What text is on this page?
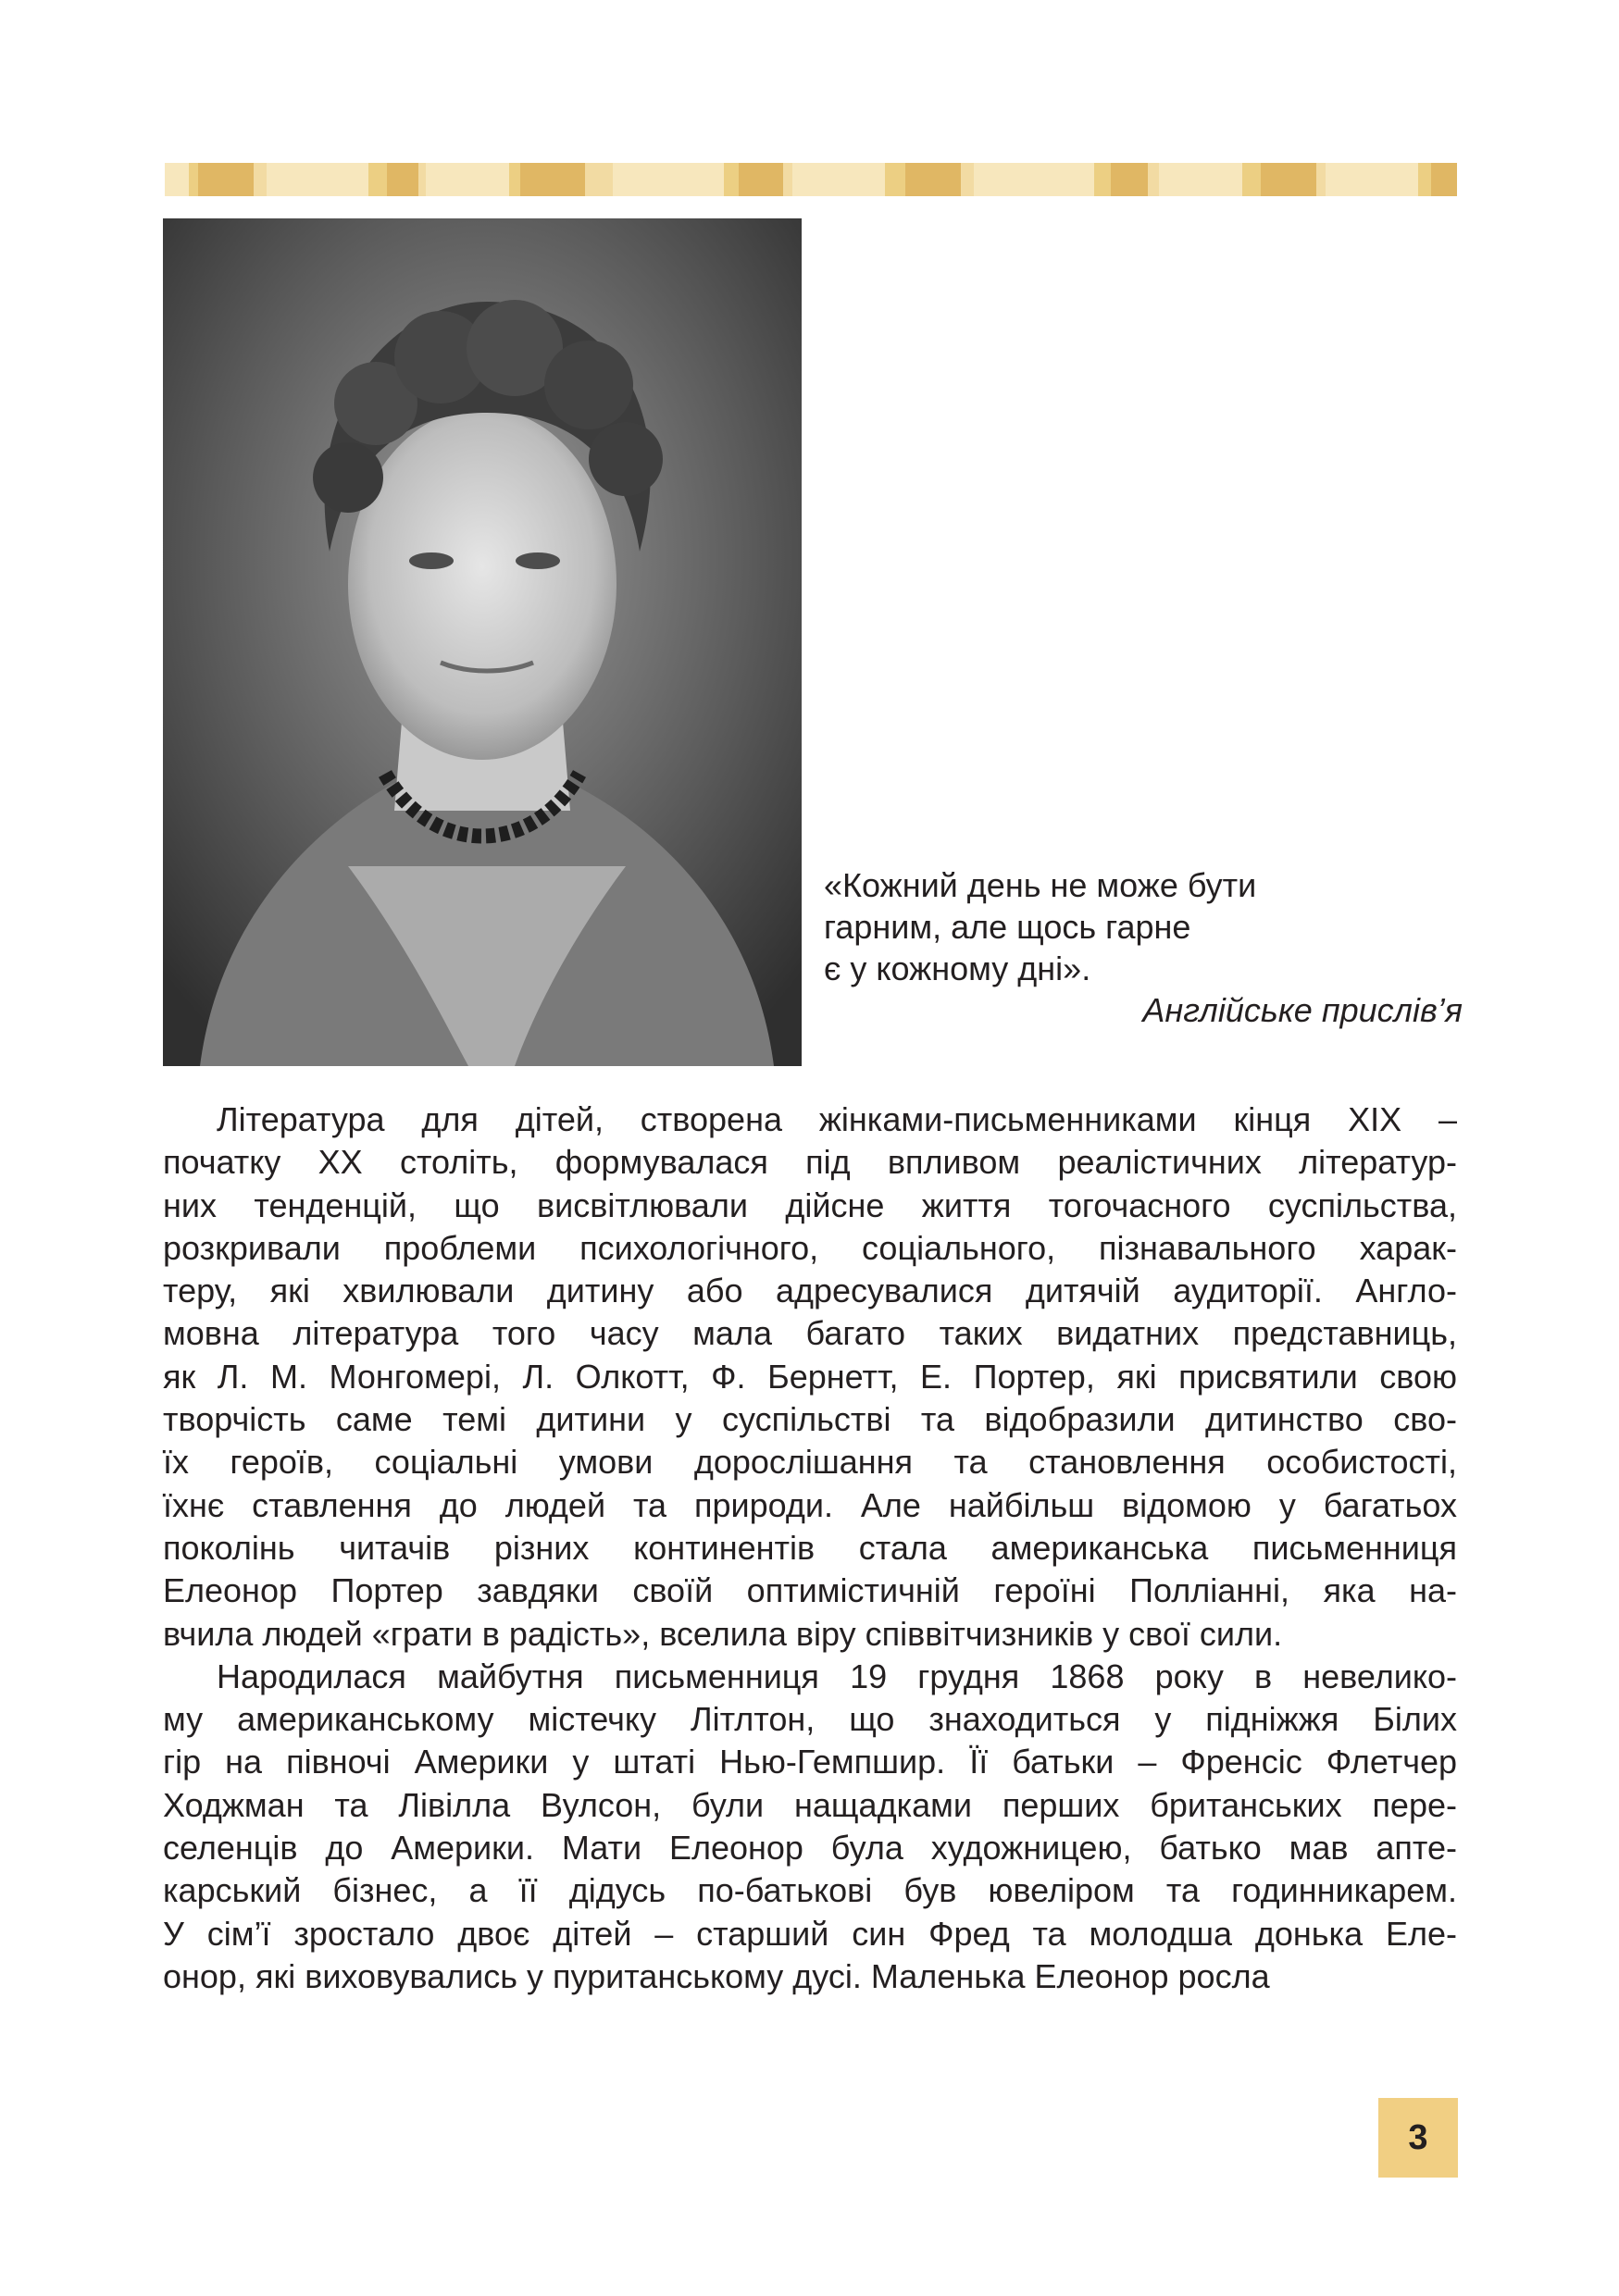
«Кожний день не може бути
гарним, але щось гарне
є у кожному дні».
Англійське прислів’я

Література для дітей, створена жінками-письменниками кінця XIX –
початку XX століть, формувалася під впливом реалістичних літератур-
них тенденцій, що висвітлювали дійсне життя тогочасного суспільства,
розкривали проблеми психологічного, соціального, пізнавального харак-
теру, які хвилювали дитину або адресувалися дитячій аудиторії. Англо-
мовна література того часу мала багато таких видатних представниць,
як Л. М. Монгомері, Л. Олкотт, Ф. Бернетт, Е. Портер, які присвятили свою
творчість саме темі дитини у суспільстві та відобразили дитинство сво-
їх героїв, соціальні умови дорослішання та становлення особистості,
їхнє ставлення до людей та природи. Але найбільш відомою у багатьох
поколінь читачів різних континентів стала американська письменниця
Елеонор Портер завдяки своїй оптимістичній героїні Полліанні, яка на-
вчила людей «грати в радість», вселила віру співвітчизників у свої сили.

Народилася майбутня письменниця 19 грудня 1868 року в невелико-
му американському містечку Літлтон, що знаходиться у підніжжя Білих
гір на півночі Америки у штаті Нью-Гемпшир. Її батьки – Френсіс Флетчер
Ходжман та Лівілла Вулсон, були нащадками перших британських пере-
селенців до Америки. Мати Елеонор була художницею, батько мав апте-
карський бізнес, а її дідусь по-батькові був ювеліром та годинникарем.
У сім’ї зростало двоє дітей – старший син Фред та молодша донька Еле-
онор, які виховувались у пуританському дусі. Маленька Елеонор росла

3
